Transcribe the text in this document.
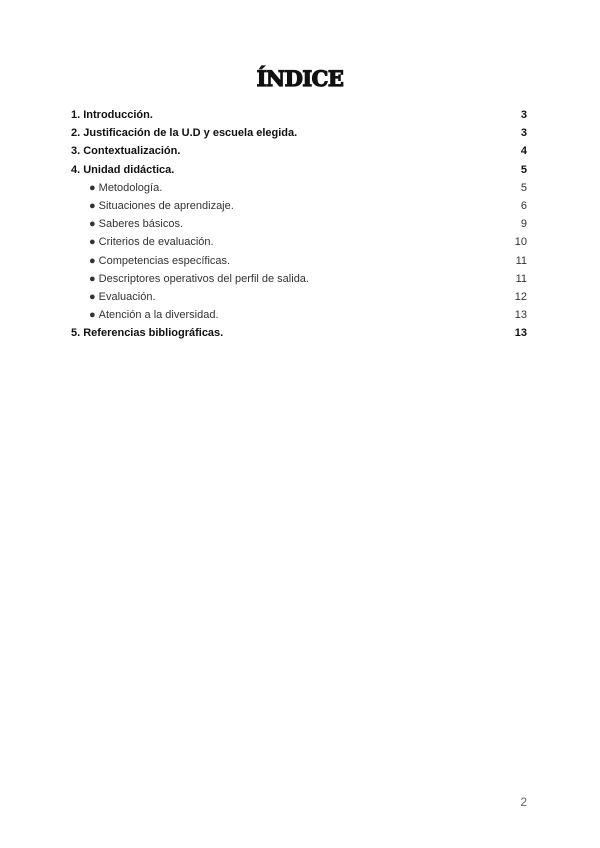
ÍNDICE
1. Introducción.	3
2. Justificación de la U.D y escuela elegida.	3
3. Contextualización.	4
4. Unidad didáctica.	5
● Metodología.	5
● Situaciones de aprendizaje.	6
● Saberes básicos.	9
● Criterios de evaluación.	10
● Competencias específicas.	11
● Descriptores operativos del perfil de salida.	11
● Evaluación.	12
● Atención a la diversidad.	13
5. Referencias bibliográficas.	13
2
